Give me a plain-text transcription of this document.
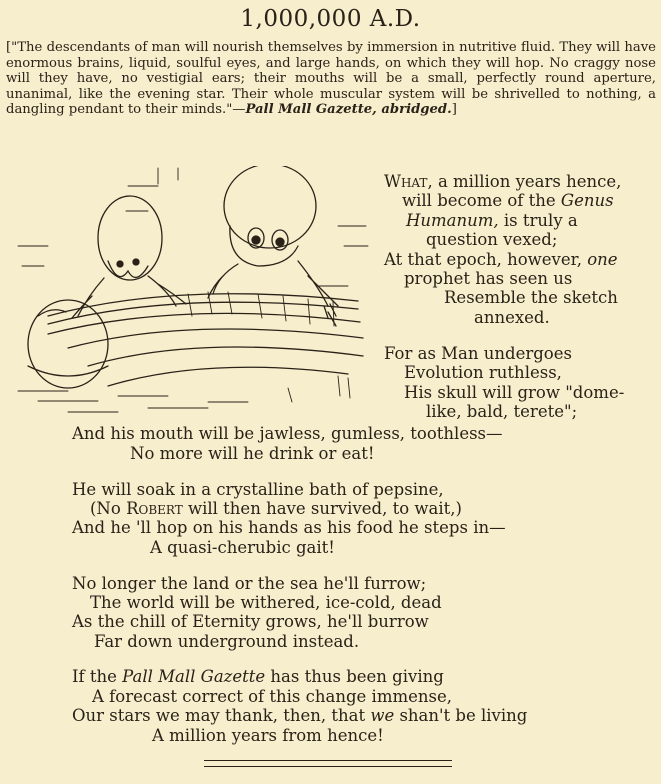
1,000,000 A.D.

["The descendants of man will nourish themselves by immersion in nutritive fluid. They will have enormous brains, liquid, soulful eyes, and large hands, on which they will hop. No craggy nose will they have, no vestigial ears; their mouths will be a small, perfectly round aperture, unanimal, like the evening star. Their whole muscular system will be shrivelled to nothing, a dangling pendant to their minds."—Pall Mall Gazette, abridged.]

What, a million years hence,
will become of the Genus
Humanum, is truly a
question vexed;
At that epoch, however, one
prophet has seen us
Resemble the sketch
annexed.
For as Man undergoes
Evolution ruthless,
His skull will grow "dome-
like, bald, terete";
And his mouth will be jawless, gumless, toothless—
No more will he drink or eat!
He will soak in a crystalline bath of pepsine,
(No Robert will then have survived, to wait,)
And he 'll hop on his hands as his food he steps in—
A quasi-cherubic gait!
No longer the land or the sea he'll furrow;
The world will be withered, ice-cold, dead
As the chill of Eternity grows, he'll burrow
Far down underground instead.
If the Pall Mall Gazette has thus been giving
A forecast correct of this change immense,
Our stars we may thank, then, that we shan't be living
A million years from hence!
